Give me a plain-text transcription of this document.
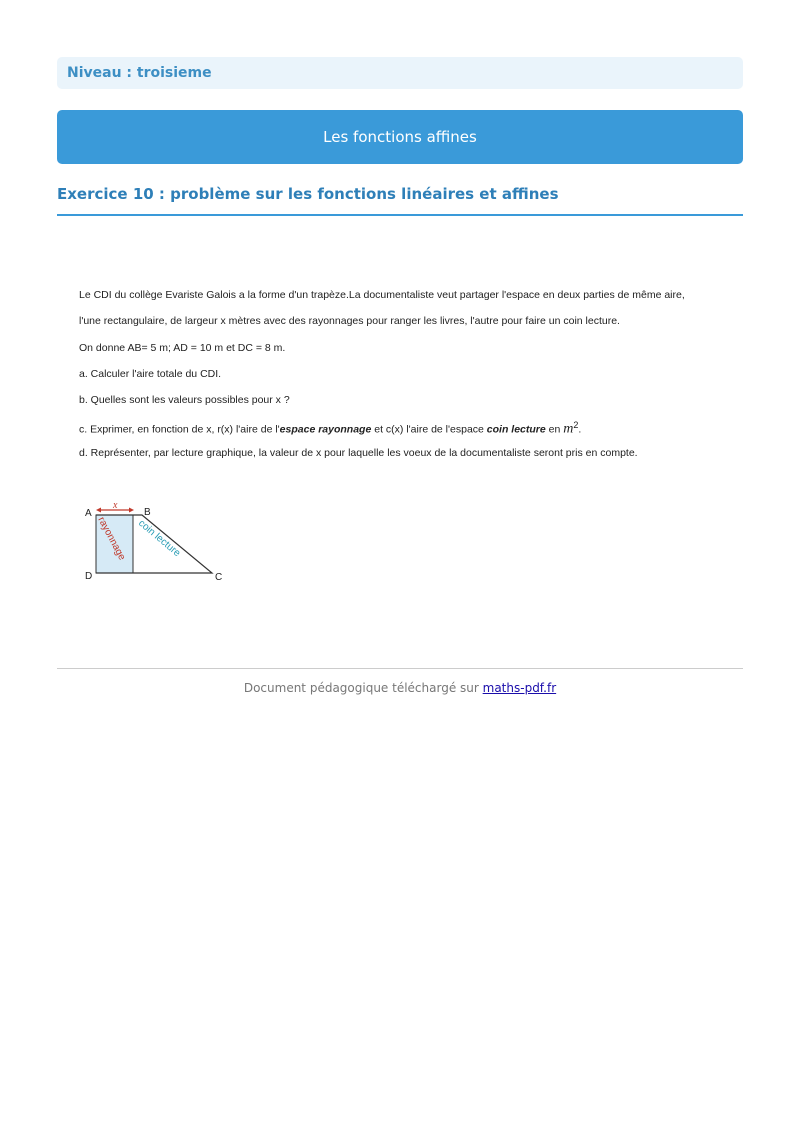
Niveau : troisieme
Les fonctions affines
Exercice 10 : problème sur les fonctions linéaires et affines
Le CDI du collège Evariste Galois a la forme d'un trapèze.La documentaliste veut partager l'espace en deux parties de même aire,
l'une rectangulaire, de largeur x mètres avec des rayonnages pour ranger les livres, l'autre pour faire un coin lecture.
On donne AB= 5 m; AD = 10 m et DC = 8 m.
a. Calculer l'aire totale du CDI.
b. Quelles sont les valeurs possibles pour x ?
c. Exprimer, en fonction de x, r(x) l'aire de l'espace rayonnage et c(x) l'aire de l'espace coin lecture en $m^2$.
d. Représenter, par lecture graphique, la valeur de x pour laquelle les voeux de la documentaliste seront pris en compte.
x
A	B
C
D
rayonnage coin lecture
Document pédagogique téléchargé sur maths-pdf.fr
